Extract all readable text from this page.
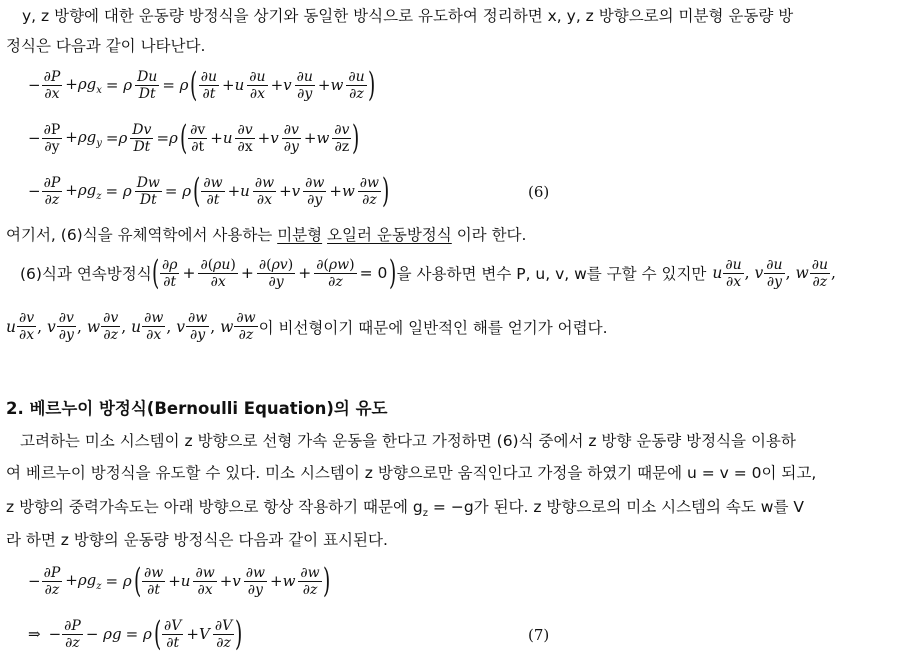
y, z 방향에 대한 운동량 방정식을 상기와 동일한 방식으로 유도하여 정리하면 x, y, z 방향으로의 미분형 운동량 방
정식은 다음과 같이 나타난다.
− $\frac{\partial P}{\partial x} +\rho g_x = \rho \frac{Du}{Dt} = \rho$ ( $\frac{\partial u}{\partial t} +u \frac{\partial u}{\partial x} +v \frac{\partial u}{\partial y} +w \frac{\partial u}{\partial z}$ )
− $\frac{\partial P}{\partial y} +\rho g_y =\rho \frac{Dv}{Dt} =\rho$ ( $\frac{\partial v}{\partial t} +u \frac{\partial v}{\partial x} +v \frac{\partial v}{\partial y} +w \frac{\partial v}{\partial z}$ )
− $\frac{\partial P}{\partial z} +\rho g_z = \rho \frac{Dw}{Dt} = \rho$ ( $\frac{\partial w}{\partial t} +u \frac{\partial w}{\partial x} +v \frac{\partial w}{\partial y} +w \frac{\partial w}{\partial z}$ )	(6)
여기서, (6)식을 유체역학에서 사용하는 미분형 오일러 운동방정식 이라 한다.
(6)식과 연속방정식 ( $\frac{\partial\rho}{\partial t} + \frac{\partial(\rho u)}{\partial x} + \frac{\partial(\rho v)}{\partial y} + \frac{\partial(\rho w)}{\partial z} = 0$ ) 을 사용하면 변수 P, u, v, w를 구할 수 있지만 u $\frac{\partial u}{\partial x}$ , v $\frac{\partial u}{\partial y}$ , w $\frac{\partial u}{\partial z}$ ,
u $\frac{\partial v}{\partial x}$ , v $\frac{\partial v}{\partial y}$ , w $\frac{\partial v}{\partial z}$ , u $\frac{\partial w}{\partial x}$ , v $\frac{\partial w}{\partial y}$ , w $\frac{\partial w}{\partial z}$ 이 비선형이기 때문에 일반적인 해를 얻기가 어렵다.
2. 베르누이 방정식(Bernoulli Equation)의 유도
고려하는 미소 시스템이 z 방향으로 선형 가속 운동을 한다고 가정하면 (6)식 중에서 z 방향 운동량 방정식을 이용하
여 베르누이 방정식을 유도할 수 있다. 미소 시스템이 z 방향으로만 움직인다고 가정을 하였기 때문에 u = v = 0이 되고,
z 방향의 중력가속도는 아래 방향으로 항상 작용하기 때문에 $g_z = -g$가 된다. z 방향으로의 미소 시스템의 속도 w를 V
라 하면 z 방향의 운동량 방정식은 다음과 같이 표시된다.
− $\frac{\partial P}{\partial z} +\rho g_z = \rho$ ( $\frac{\partial w}{\partial t} +u \frac{\partial w}{\partial x} +v \frac{\partial w}{\partial y} +w \frac{\partial w}{\partial z}$ )
⇒ − $\frac{\partial P}{\partial z} - \rho g = \rho$ ( $\frac{\partial V}{\partial t} +V \frac{\partial V}{\partial z}$ )	(7)
